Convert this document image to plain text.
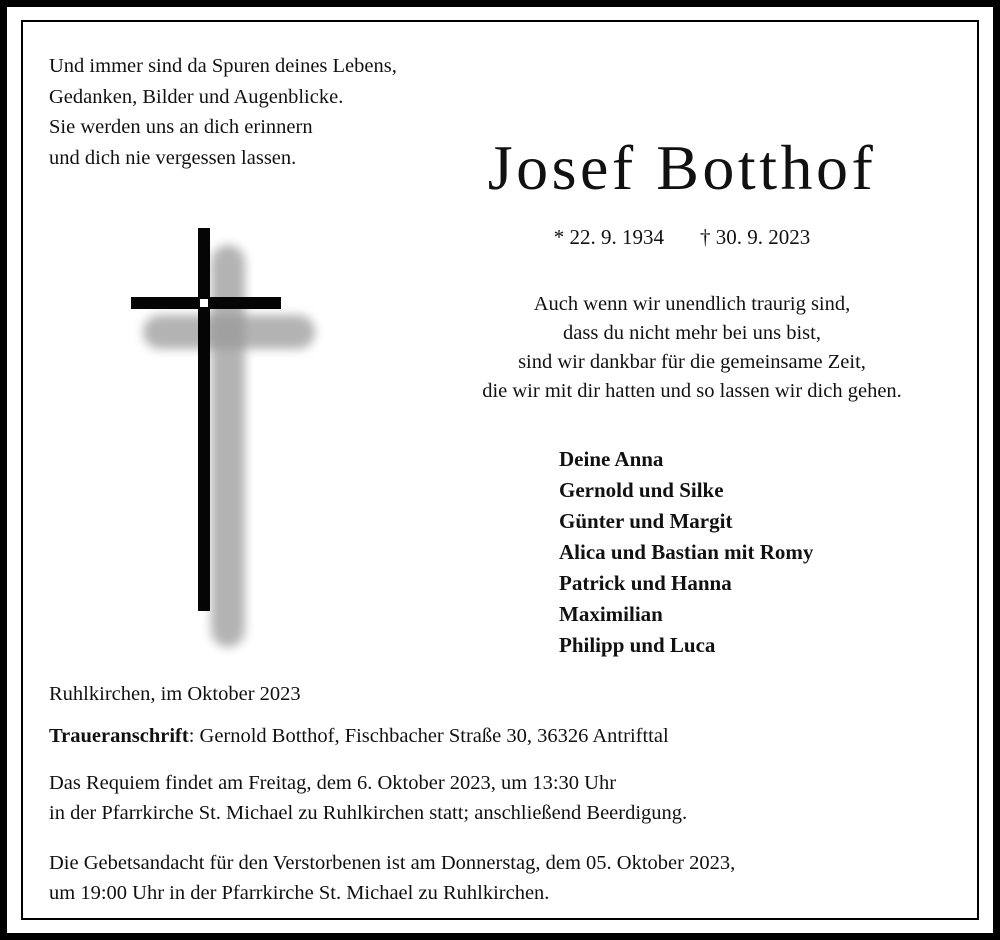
Und immer sind da Spuren deines Lebens,
Gedanken, Bilder und Augenblicke.
Sie werden uns an dich erinnern
und dich nie vergessen lassen.	Josef Botthof
* 22. 9. 1934 † 30. 9. 2023
Auch wenn wir unendlich traurig sind,
dass du nicht mehr bei uns bist,
sind wir dankbar für die gemeinsame Zeit,
die wir mit dir hatten und so lassen wir dich gehen.
Deine Anna
Gernold und Silke
Günter und Margit
Alica und Bastian mit Romy
Patrick und Hanna
Maximilian
Philipp und Luca
Ruhlkirchen, im Oktober 2023
Traueranschrift: Gernold Botthof, Fischbacher Straße 30, 36326 Antrifttal
Das Requiem findet am Freitag, dem 6. Oktober 2023, um 13:30 Uhr
in der Pfarrkirche St. Michael zu Ruhlkirchen statt; anschließend Beerdigung.
Die Gebetsandacht für den Verstorbenen ist am Donnerstag, dem 05. Oktober 2023,
um 19:00 Uhr in der Pfarrkirche St. Michael zu Ruhlkirchen.
